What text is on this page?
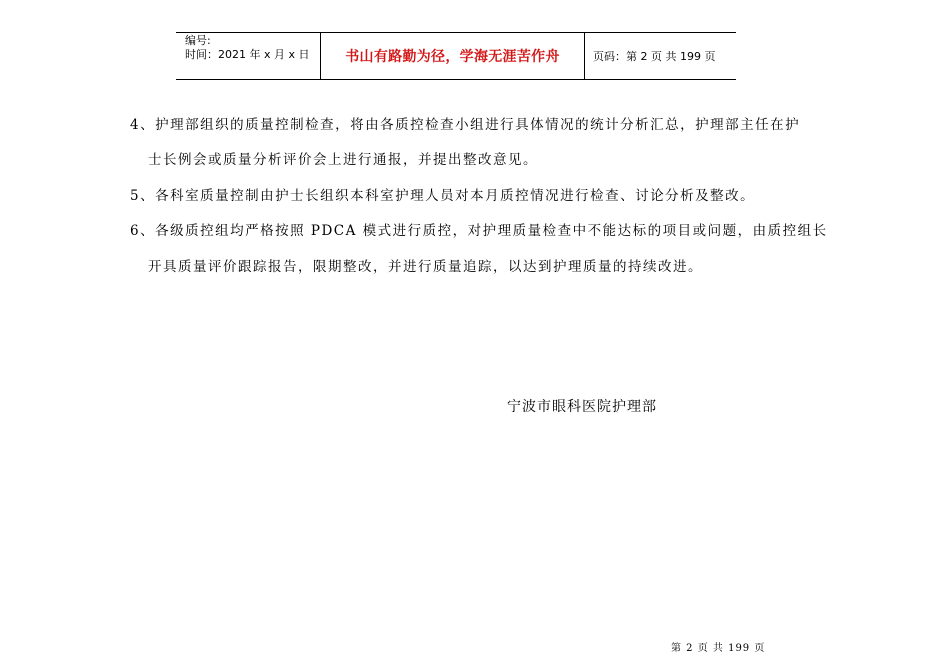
编号:
时间：2021 年 x 月 x 日	书山有路勤为径，学海无涯苦作舟	页码：第 2 页 共 199 页
4、护理部组织的质量控制检查，将由各质控检查小组进行具体情况的统计分析汇总，护理部主任在护
士长例会或质量分析评价会上进行通报，并提出整改意见。
5、各科室质量控制由护士长组织本科室护理人员对本月质控情况进行检查、讨论分析及整改。
6、各级质控组均严格按照 PDCA 模式进行质控，对护理质量检查中不能达标的项目或问题，由质控组长
开具质量评价跟踪报告，限期整改，并进行质量追踪，以达到护理质量的持续改进。
宁波市眼科医院护理部
第 2 页 共 199 页
